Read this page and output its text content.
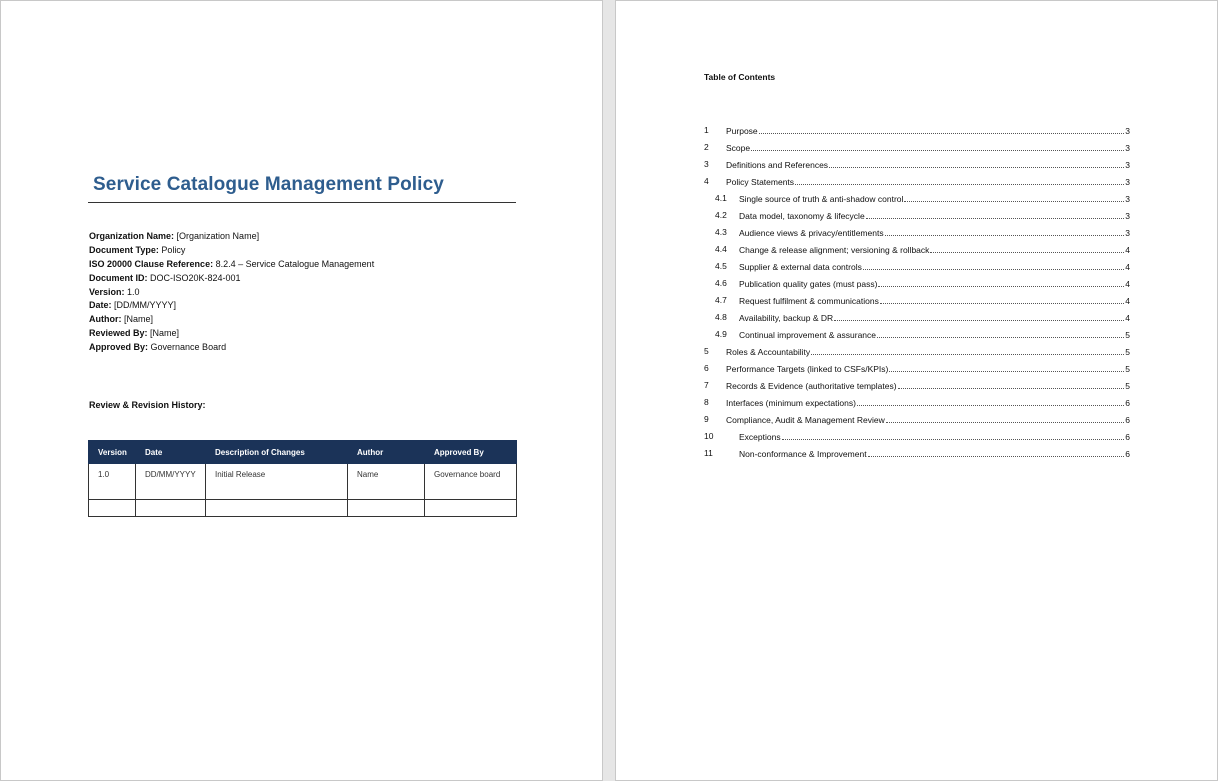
Service Catalogue Management Policy
Organization Name: [Organization Name]
Document Type: Policy
ISO 20000 Clause Reference: 8.2.4 – Service Catalogue Management
Document ID: DOC-ISO20K-824-001
Version: 1.0
Date: [DD/MM/YYYY]
Author: [Name]
Reviewed By: [Name]
Approved By: Governance Board
Review & Revision History:
Version	Date	Description of Changes	Author	Approved By
1.0	DD/MM/YYYY	Initial Release	Name	Governance board

Table of Contents
1 Purpose	3
2 Scope	3
3 Definitions and References	3
4 Policy Statements	3
4.1 Single source of truth & anti-shadow control	3
4.2 Data model, taxonomy & lifecycle	3
4.3 Audience views & privacy/entitlements	3
4.4 Change & release alignment; versioning & rollback	4
4.5 Supplier & external data controls	4
4.6 Publication quality gates (must pass)	4
4.7 Request fulfilment & communications	4
4.8 Availability, backup & DR	4
4.9 Continual improvement & assurance	5
5 Roles & Accountability	5
6 Performance Targets (linked to CSFs/KPIs)	5
7 Records & Evidence (authoritative templates)	5
8 Interfaces (minimum expectations)	6
9 Compliance, Audit & Management Review	6
10	Exceptions	6
11	Non-conformance & Improvement	6
